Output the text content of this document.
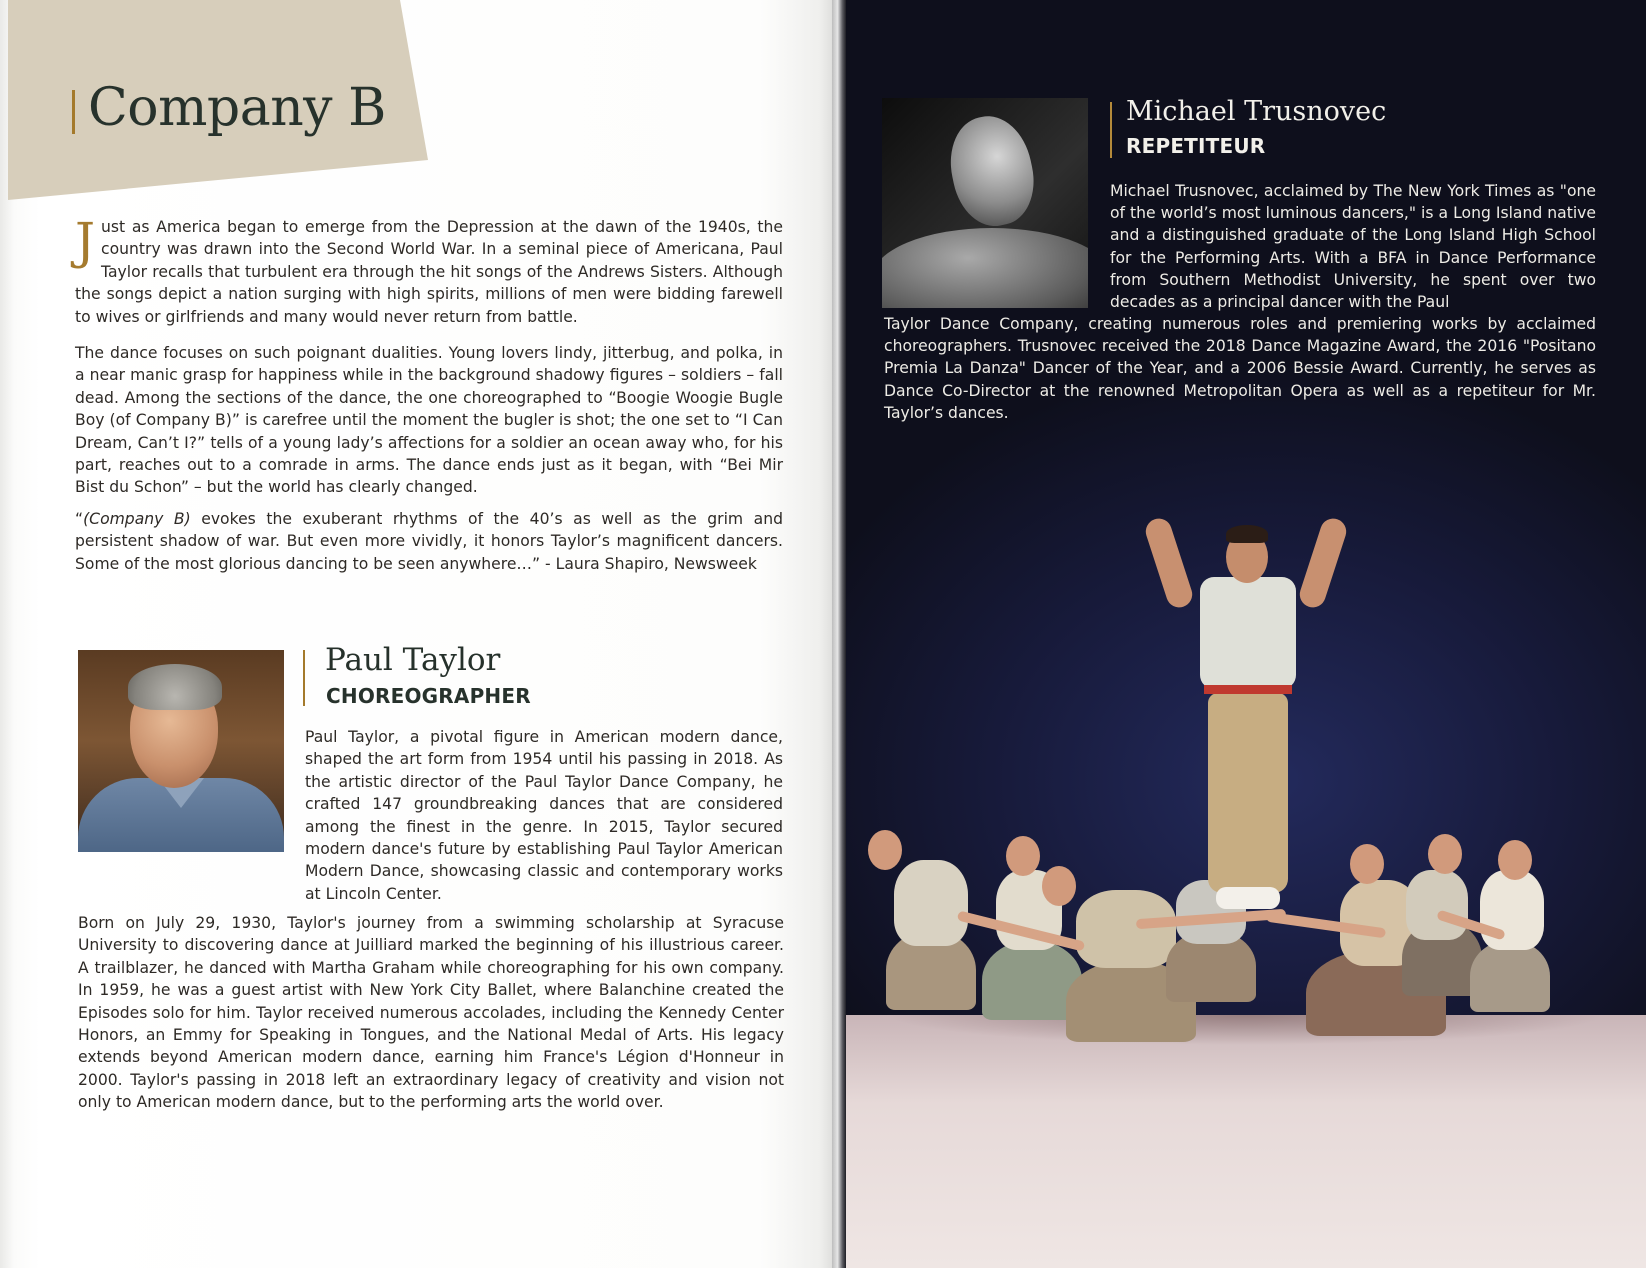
Company B
J ust as America began to emerge from the Depression at the dawn of the 1940s, the country was drawn into the Second World War. In a seminal piece of Americana, Paul Taylor recalls that turbulent era through the hit songs of the Andrews Sisters. Although the songs depict a nation surging with high spirits, millions of men were bidding farewell to wives or girlfriends and many would never return from battle.
The dance focuses on such poignant dualities. Young lovers lindy, jitterbug, and polka, in a near manic grasp for happiness while in the background shadowy figures – soldiers – fall dead. Among the sections of the dance, the one choreographed to “Boogie Woogie Bugle Boy (of Company B)” is carefree until the moment the bugler is shot; the one set to “I Can Dream, Can’t I?” tells of a young lady’s affections for a soldier an ocean away who, for his part, reaches out to a comrade in arms. The dance ends just as it began, with “Bei Mir Bist du Schon” – but the world has clearly changed.
“(Company B) evokes the exuberant rhythms of the 40’s as well as the grim and persistent shadow of war. But even more vividly, it honors Taylor’s magnificent dancers. Some of the most glorious dancing to be seen anywhere…” - Laura Shapiro, Newsweek
Paul Taylor
CHOREOGRAPHER
Paul Taylor, a pivotal figure in American modern dance, shaped the art form from 1954 until his passing in 2018. As the artistic director of the Paul Taylor Dance Company, he crafted 147 groundbreaking dances that are considered among the finest in the genre. In 2015, Taylor secured modern dance's future by establishing Paul Taylor American Modern Dance, showcasing classic and contemporary works at Lincoln Center.
Born on July 29, 1930, Taylor's journey from a swimming scholarship at Syracuse University to discovering dance at Juilliard marked the beginning of his illustrious career. A trailblazer, he danced with Martha Graham while choreographing for his own company. In 1959, he was a guest artist with New York City Ballet, where Balanchine created the Episodes solo for him. Taylor received numerous accolades, including the Kennedy Center Honors, an Emmy for Speaking in Tongues, and the National Medal of Arts. His legacy extends beyond American modern dance, earning him France's Légion d'Honneur in 2000. Taylor's passing in 2018 left an extraordinary legacy of creativity and vision not only to American modern dance, but to the performing arts the world over.
Michael Trusnovec
REPETITEUR
Michael Trusnovec, acclaimed by The New York Times as "one of the world’s most luminous dancers," is a Long Island native and a distinguished graduate of the Long Island High School for the Performing Arts. With a BFA in Dance Performance from Southern Methodist University, he spent over two decades as a principal dancer with the Paul
Taylor Dance Company, creating numerous roles and premiering works by acclaimed choreographers. Trusnovec received the 2018 Dance Magazine Award, the 2016 "Positano Premia La Danza" Dancer of the Year, and a 2006 Bessie Award. Currently, he serves as Dance Co-Director at the renowned Metropolitan Opera as well as a repetiteur for Mr. Taylor’s dances.
